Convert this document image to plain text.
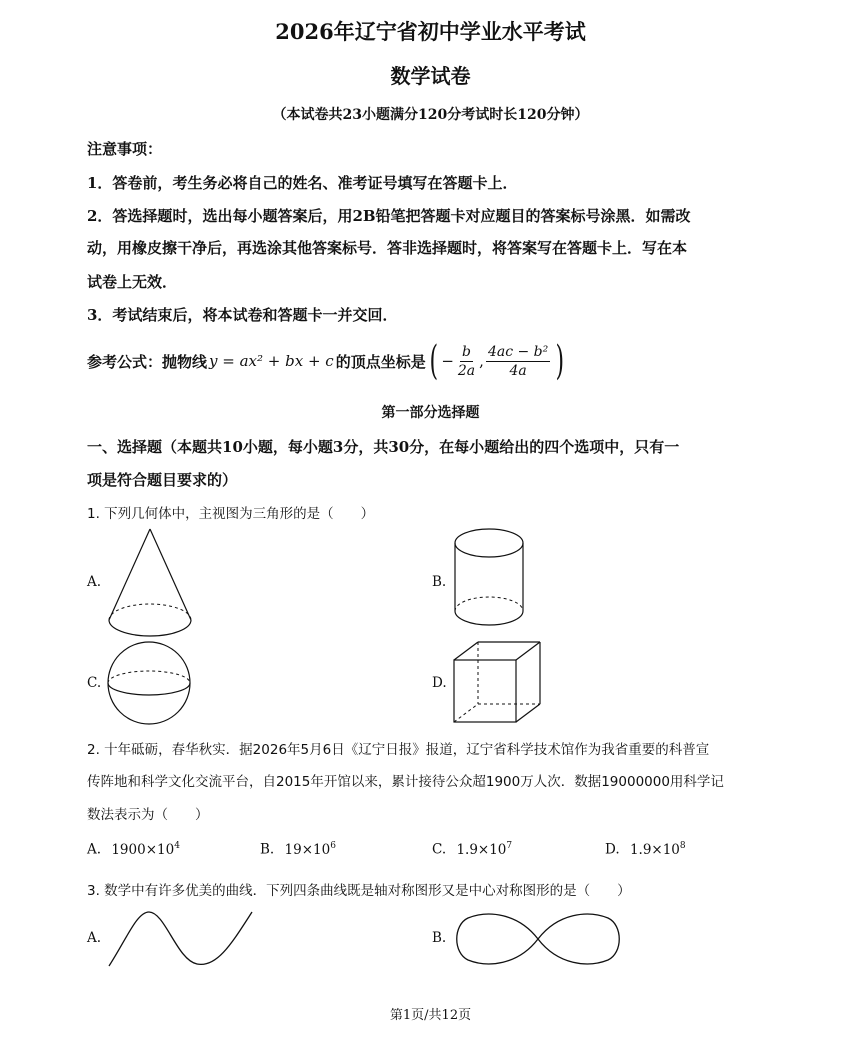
2026年辽宁省初中学业水平考试
数学试卷
（本试卷共23小题满分120分考试时长120分钟）
注意事项：
1．答卷前，考生务必将自己的姓名、准考证号填写在答题卡上．
2．答选择题时，选出每小题答案后，用2B铅笔把答题卡对应题目的答案标号涂黑．如需改
动，用橡皮擦干净后，再选涂其他答案标号．答非选择题时，将答案写在答题卡上．写在本
试卷上无效．
3．考试结束后，将本试卷和答题卡一并交回．
参考公式：抛物线 y = ax² + bx + c 的顶点坐标是 ( − $\frac{b}{2a}$ , $\frac{\text{4ac − b²}}{4a}$ )
第一部分选择题
一、选择题（本题共10小题，每小题3分，共30分，在每小题给出的四个选项中，只有一
项是符合题目要求的）
1. 下列几何体中，主视图为三角形的是（　　）
A.	B.
C.	D.
2. 十年砥砺，春华秋实．据2026年5月6日《辽宁日报》报道，辽宁省科学技术馆作为我省重要的科普宣
传阵地和科学文化交流平台，自2015年开馆以来，累计接待公众超1900万人次．数据19000000用科学记
数法表示为（　　）
A. $1900\times 10^4$	B. $19\times 10^6$	C. $1.9\times 10^7$	D. $1.9\times 10^8$
3. 数学中有许多优美的曲线．下列四条曲线既是轴对称图形又是中心对称图形的是（　　）
A.	B.
第1页/共12页
